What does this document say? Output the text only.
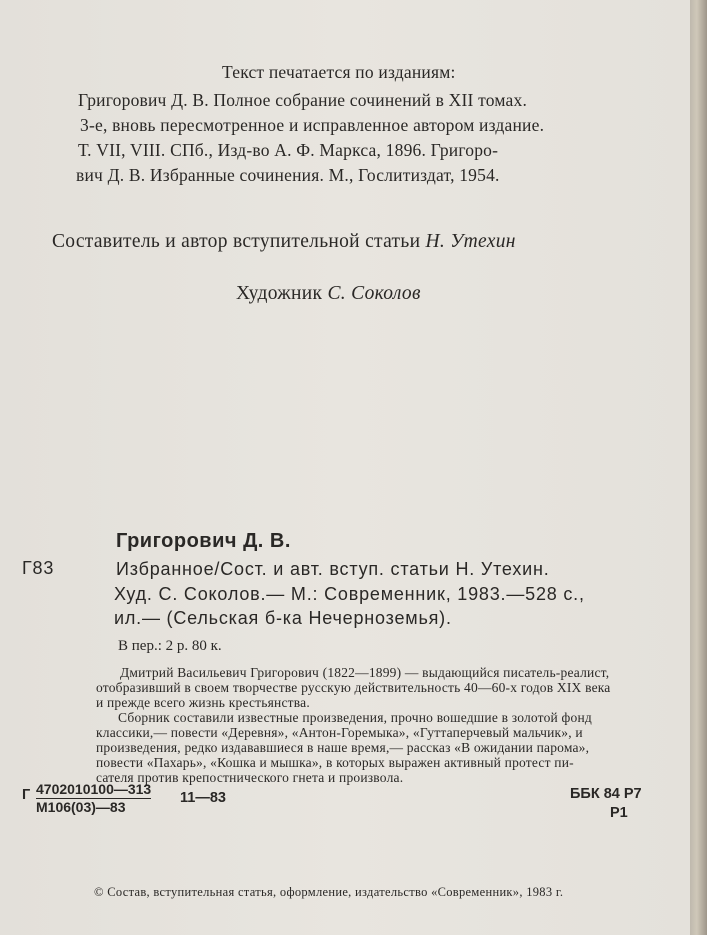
Текст печатается по изданиям:
Григорович Д. В. Полное собрание сочинений в XII томах.
3-е, вновь пересмотренное и исправленное автором издание.
Т. VII, VIII. СПб., Изд-во А. Ф. Маркса, 1896. Григоро-
вич Д. В. Избранные сочинения. М., Гослитиздат, 1954.
Составитель и автор вступительной статьи Н. Утехин
Художник С. Соколов
Григорович Д. В.
Г83	Избранное/Сост. и авт. вступ. статьи Н. Утехин.
Худ. С. Соколов.— М.: Современник, 1983.—528 с.,
ил.— (Сельская б-ка Нечерноземья).
В пер.: 2 р. 80 к.
Дмитрий Васильевич Григорович (1822—1899) — выдающийся писатель-реалист,
отобразивший в своем творчестве русскую действительность 40—60-х годов XIX века
и прежде всего жизнь крестьянства.
Сборник составили известные произведения, прочно вошедшие в золотой фонд
классики,— повести «Деревня», «Антон-Горемыка», «Гуттаперчевый мальчик», и
произведения, редко издававшиеся в наше время,— рассказ «В ожидании парома»,
повести «Пахарь», «Кошка и мышка», в которых выражен активный протест пи-
сателя против крепостнического гнета и произвола.
Г 4702010100—313
М106(03)—83
11—83	ББК 84 Р7
Р1
© Состав, вступительная статья, оформление, издательство «Современник», 1983 г.
